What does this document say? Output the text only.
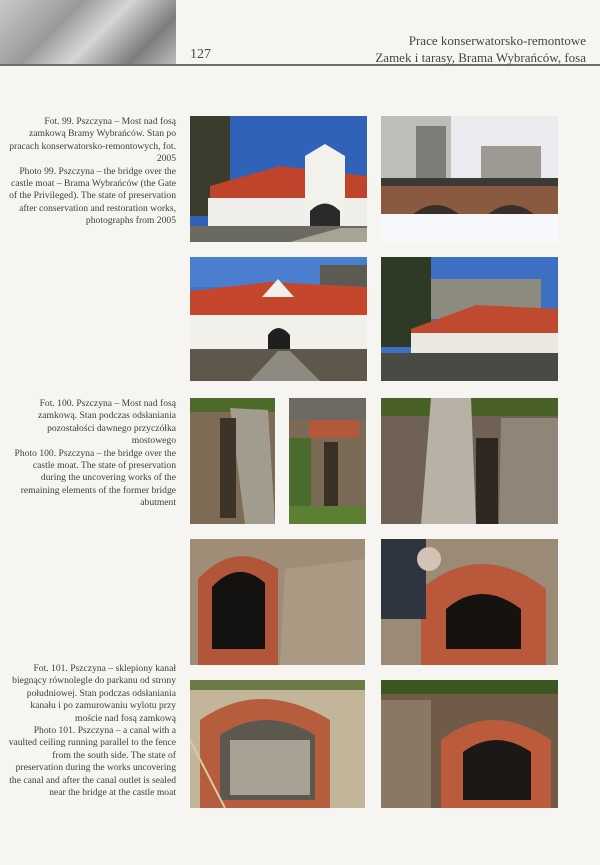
127
Prace konserwatorsko-remontowe
Zamek i tarasy, Brama Wybrańców, fosa
Fot. 99. Pszczyna – Most nad fosą zamkową Bramy Wybrańców. Stan po pracach konserwatorsko-remontowych, fot. 2005
Photo 99. Pszczyna – the bridge over the castle moat – Brama Wybrańców (the Gate of the Privileged). The state of preservation after conservation and restoration works, photographs from 2005
Fot. 100. Pszczyna – Most nad fosą zamkową. Stan podczas odsłaniania pozostałości dawnego przyczółka mostowego
Photo 100. Pszczyna – the bridge over the castle moat. The state of preservation during the uncovering works of the remaining elements of the former bridge abutment
Fot. 101. Pszczyna – sklepiony kanał biegnący równolegle do parkanu od strony południowej. Stan podczas odsłaniania kanału i po zamurowaniu wylotu przy moście nad fosą zamkową
Photo 101. Pszczyna – a canal with a vaulted ceiling running parallel to the fence from the south side. The state of preservation during the works uncovering the canal and after the canal outlet is sealed near the bridge at the castle moat
